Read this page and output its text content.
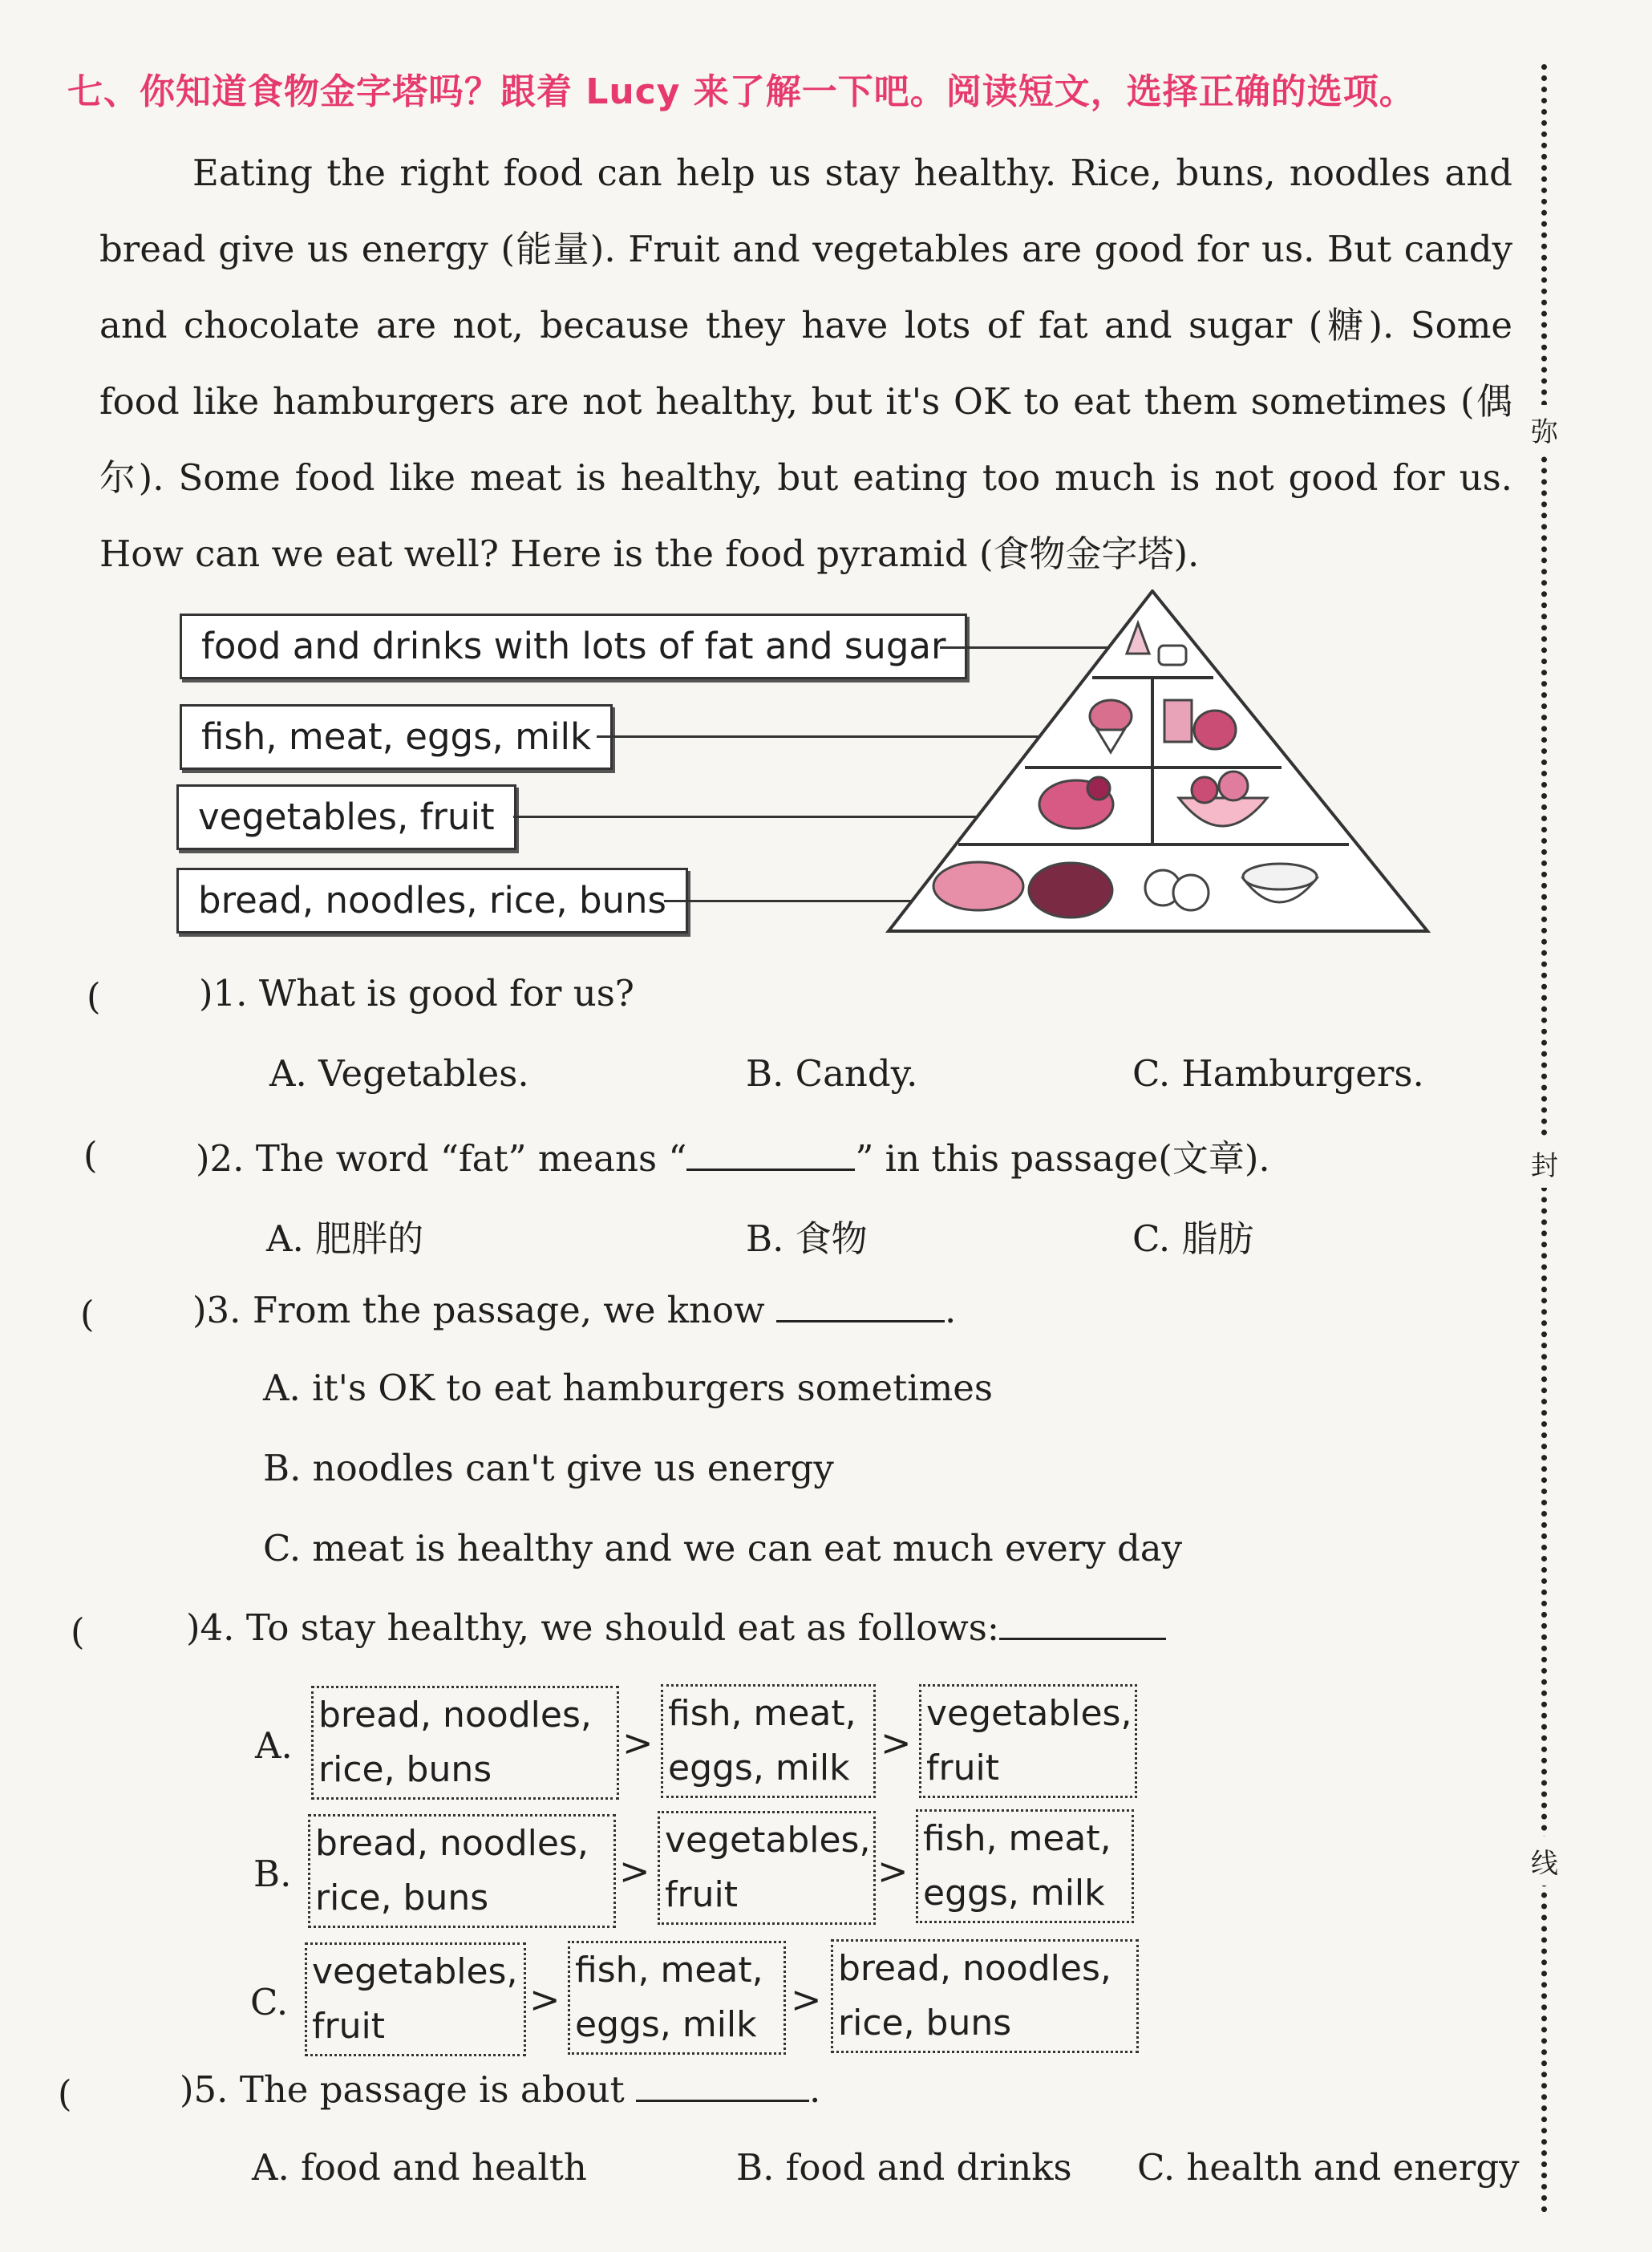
七、你知道食物金字塔吗？跟着 Lucy 来了解一下吧。阅读短文，选择正确的选项。

Eating the right food can help us stay healthy. Rice, buns, noodles and bread give us energy (能量). Fruit and vegetables are good for us. But candy and chocolate are not, because they have lots of fat and sugar (糖). Some food like hamburgers are not healthy, but it's OK to eat them sometimes (偶尔). Some food like meat is healthy, but eating too much is not good for us. How can we eat well? Here is the food pyramid (食物金字塔).

弥
封
线
food and drinks with lots of fat and sugar
fish, meat, eggs, milk
vegetables, fruit
bread, noodles, rice, buns
(	)1. What is good for us?
A. Vegetables.	B. Candy.	C. Hamburgers.
(	)2. The word “fat” means “	” in this passage(文章).
A. 肥胖的	B. 食物	C. 脂肪
(	)3. From the passage, we know	.
A. it's OK to eat hamburgers sometimes
B. noodles can't give us energy
C. meat is healthy and we can eat much every day
(	)4. To stay healthy, we should eat as follows:
A.
bread, noodles,
rice, buns
>
fish, meat,
eggs, milk
>
vegetables,
fruit
B.
bread, noodles,
rice, buns
>
vegetables,
fruit
>
fish, meat,
eggs, milk
C.
vegetables,
fruit
>
fish, meat,
eggs, milk
>
bread, noodles,
rice, buns
(	)5. The passage is about	.
A. food and health	B. food and drinks C. health and energy
